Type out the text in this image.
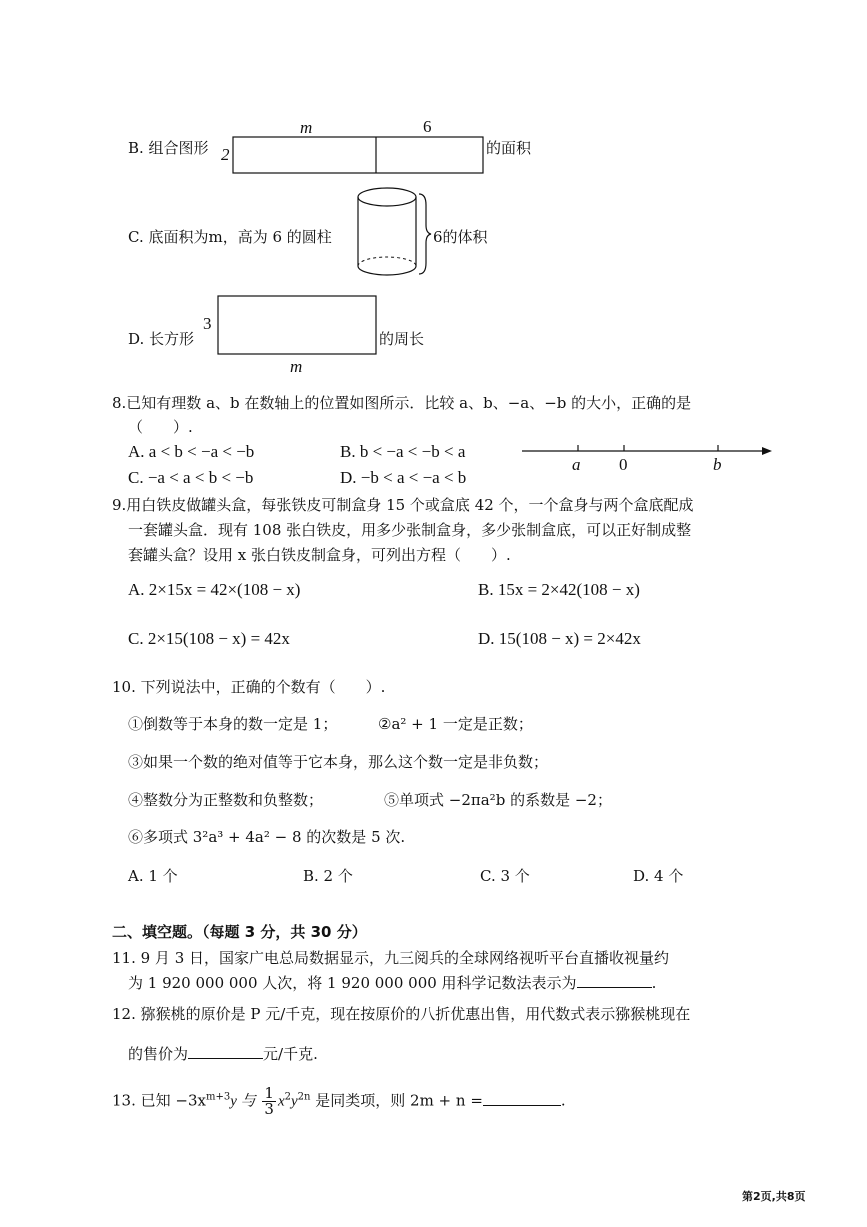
B. 组合图形 2
m	6
的面积
C. 底面积为m，高为 6 的圆柱	6的体积
D. 长方形
3
的周长
m
8.已知有理数 a、b 在数轴上的位置如图所示．比较 a、b、−a、−b 的大小，正确的是
（　　）.
A. a < b < −a < −b	B. b < −a < −b < a
C. −a < a < b < −b	D. −b < a < −a < b
a 0	b
9.用白铁皮做罐头盒，每张铁皮可制盒身 15 个或盒底 42 个，一个盒身与两个盒底配成
一套罐头盒．现有 108 张白铁皮，用多少张制盒身，多少张制盒底，可以正好制成整
套罐头盒？设用 x 张白铁皮制盒身，可列出方程（　　）.
A. 2×15x = 42×(108 − x)	B. 15x = 2×42(108 − x)
C. 2×15(108 − x) = 42x	D. 15(108 − x) = 2×42x
10. 下列说法中，正确的个数有（　　）.
①倒数等于本身的数一定是 1；	②a² + 1 一定是正数；
③如果一个数的绝对值等于它本身，那么这个数一定是非负数；
④整数分为正整数和负整数；	⑤单项式 −2πa²b 的系数是 −2；
⑥多项式 3²a³ + 4a² − 8 的次数是 5 次.
A. 1 个	B. 2 个	C. 3 个	D. 4 个
二、填空题。（每题 3 分，共 30 分）
11. 9 月 3 日，国家广电总局数据显示，九三阅兵的全球网络视听平台直播收视量约
为 1 920 000 000 人次，将 1 920 000 000 用科学记数法表示为	.
12. 猕猴桃的原价是 P 元/千克，现在按原价的八折优惠出售，用代数式表示猕猴桃现在
的售价为	元/千克.
13. 已知 $-3x^{m+3}y$ 与 $\frac{1}{3} x^2y^{2n}$ 是同类项，则 2m + n =	.
第2页,共8页
